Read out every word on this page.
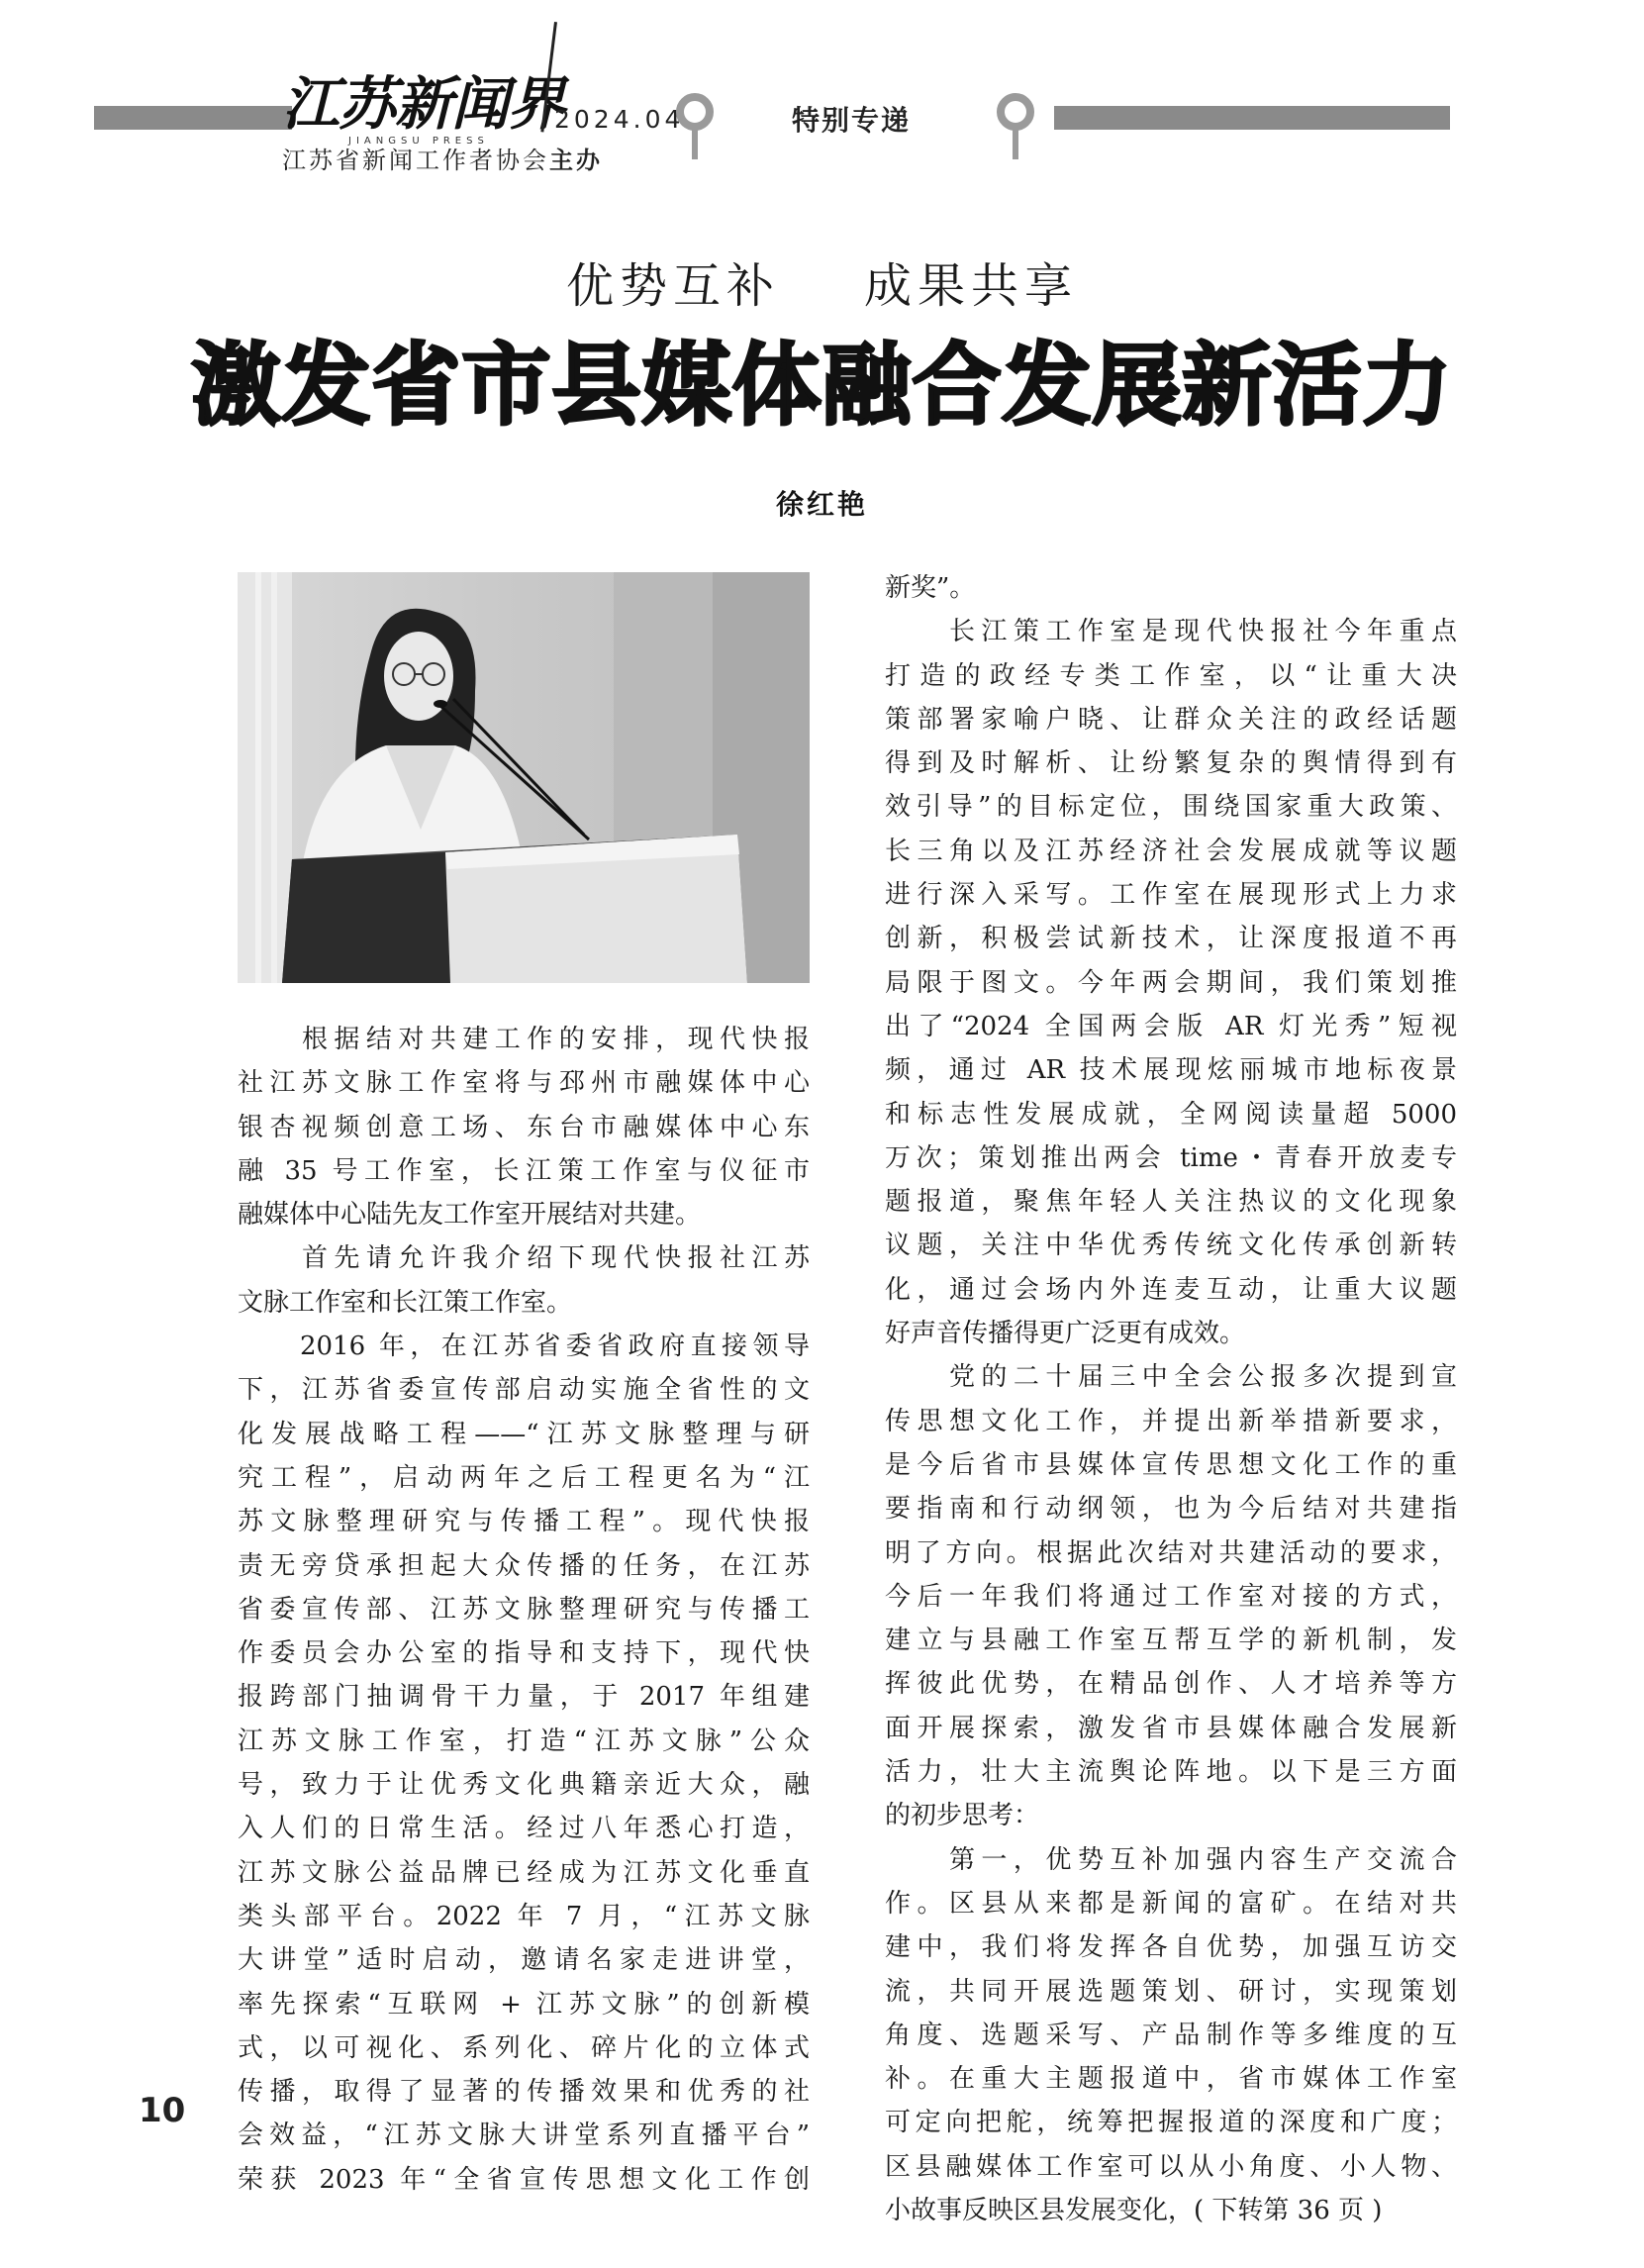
江苏新闻界
JIANGSU PRESS
2024.04
江苏省新闻工作者协会主办
特别专递
优势互补    成果共享
激发省市县媒体融合发展新活力
徐红艳
　　根据结对共建工作的安排，现代快报
社江苏文脉工作室将与邳州市融媒体中心
银杏视频创意工场、东台市融媒体中心东
融 35 号工作室，长江策工作室与仪征市
融媒体中心陆先友工作室开展结对共建。
　　首先请允许我介绍下现代快报社江苏
文脉工作室和长江策工作室。
　　2016 年，在江苏省委省政府直接领导
下，江苏省委宣传部启动实施全省性的文
化发展战略工程——“江苏文脉整理与研
究工程”，启动两年之后工程更名为“江
苏文脉整理研究与传播工程”。现代快报
责无旁贷承担起大众传播的任务，在江苏
省委宣传部、江苏文脉整理研究与传播工
作委员会办公室的指导和支持下，现代快
报跨部门抽调骨干力量，于 2017 年组建
江苏文脉工作室，打造“江苏文脉”公众
号，致力于让优秀文化典籍亲近大众，融
入人们的日常生活。经过八年悉心打造，
江苏文脉公益品牌已经成为江苏文化垂直
类头部平台。2022 年 7 月，“江苏文脉
大讲堂”适时启动，邀请名家走进讲堂，
率先探索“互联网 + 江苏文脉”的创新模
式，以可视化、系列化、碎片化的立体式
传播，取得了显著的传播效果和优秀的社
会效益，“江苏文脉大讲堂系列直播平台”
荣获 2023 年“全省宣传思想文化工作创
新奖”。
　　长江策工作室是现代快报社今年重点
打造的政经专类工作室，以“让重大决
策部署家喻户晓、让群众关注的政经话题
得到及时解析、让纷繁复杂的舆情得到有
效引导”的目标定位，围绕国家重大政策、
长三角以及江苏经济社会发展成就等议题
进行深入采写。工作室在展现形式上力求
创新，积极尝试新技术，让深度报道不再
局限于图文。今年两会期间，我们策划推
出了“2024 全国两会版 AR 灯光秀”短视
频，通过 AR 技术展现炫丽城市地标夜景
和标志性发展成就，全网阅读量超 5000
万次；策划推出两会 time・青春开放麦专
题报道，聚焦年轻人关注热议的文化现象
议题，关注中华优秀传统文化传承创新转
化，通过会场内外连麦互动，让重大议题
好声音传播得更广泛更有成效。
　　党的二十届三中全会公报多次提到宣
传思想文化工作，并提出新举措新要求，
是今后省市县媒体宣传思想文化工作的重
要指南和行动纲领，也为今后结对共建指
明了方向。根据此次结对共建活动的要求，
今后一年我们将通过工作室对接的方式，
建立与县融工作室互帮互学的新机制，发
挥彼此优势，在精品创作、人才培养等方
面开展探索，激发省市县媒体融合发展新
活力，壮大主流舆论阵地。以下是三方面
的初步思考：
　　第一，优势互补加强内容生产交流合
作。区县从来都是新闻的富矿。在结对共
建中，我们将发挥各自优势，加强互访交
流，共同开展选题策划、研讨，实现策划
角度、选题采写、产品制作等多维度的互
补。在重大主题报道中，省市媒体工作室
可定向把舵，统筹把握报道的深度和广度；
区县融媒体工作室可以从小角度、小人物、
小故事反映区县发展变化，( 下转第 36 页 )
10
